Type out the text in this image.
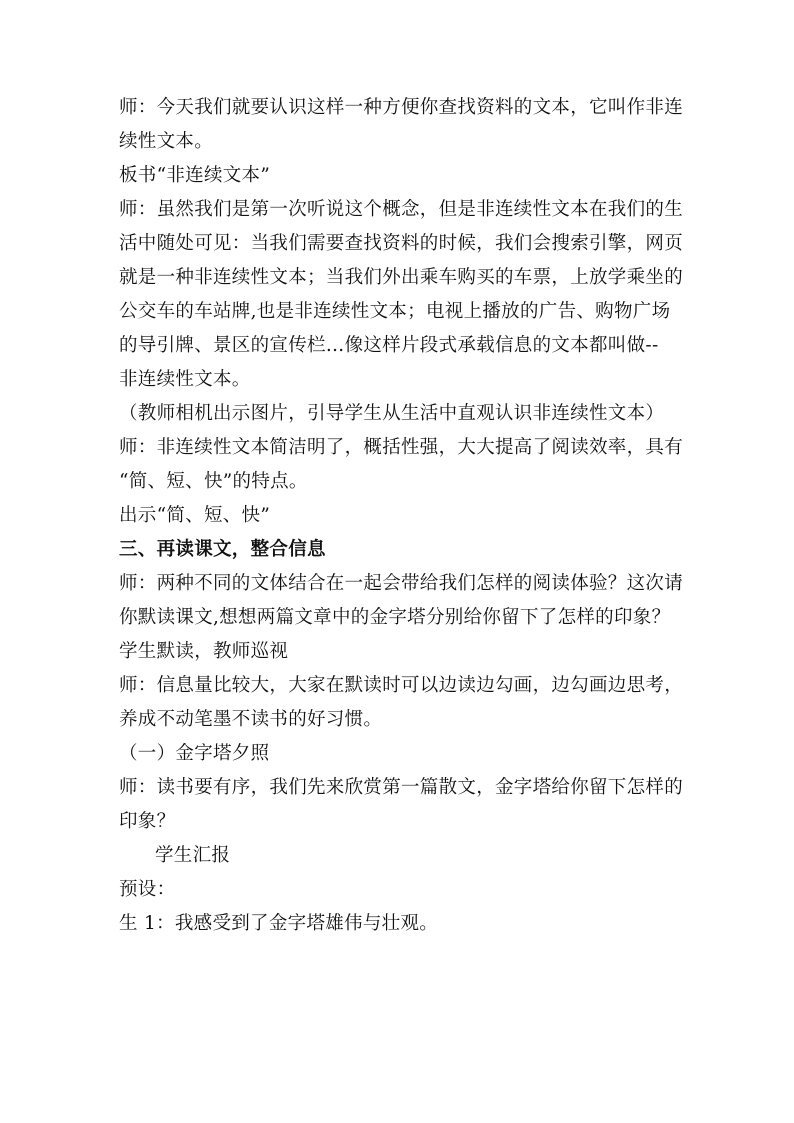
师：今天我们就要认识这样一种方便你查找资料的文本，它叫作非连
续性文本。
板书“非连续文本”
师：虽然我们是第一次听说这个概念，但是非连续性文本在我们的生
活中随处可见：当我们需要查找资料的时候，我们会搜索引擎，网页
就是一种非连续性文本；当我们外出乘车购买的车票，上放学乘坐的
公交车的车站牌,也是非连续性文本；电视上播放的广告、购物广场
的导引牌、景区的宣传栏…像这样片段式承载信息的文本都叫做--
非连续性文本。
（教师相机出示图片，引导学生从生活中直观认识非连续性文本）
师：非连续性文本简洁明了，概括性强，大大提高了阅读效率，具有
“简、短、快”的特点。
出示“简、短、快”
三、再读课文，整合信息
师：两种不同的文体结合在一起会带给我们怎样的阅读体验？这次请
你默读课文,想想两篇文章中的金字塔分别给你留下了怎样的印象？
学生默读，教师巡视
师：信息量比较大，大家在默读时可以边读边勾画，边勾画边思考，
养成不动笔墨不读书的好习惯。
（一）金字塔夕照
师：读书要有序，我们先来欣赏第一篇散文，金字塔给你留下怎样的
印象？
学生汇报
预设：
生 1：我感受到了金字塔雄伟与壮观。
